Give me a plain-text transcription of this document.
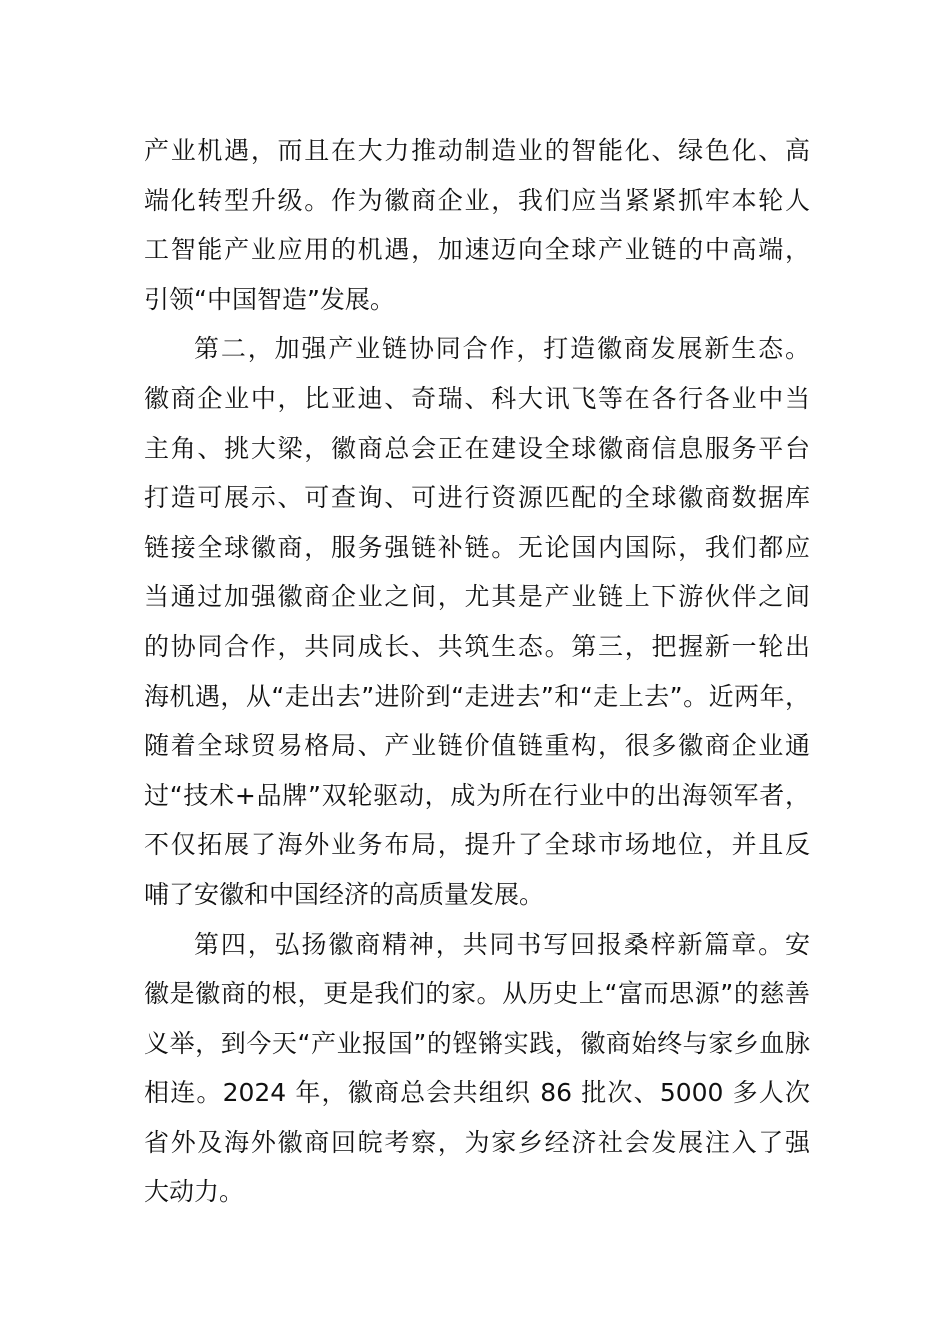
产业机遇，而且在大力推动制造业的智能化、绿色化、高
端化转型升级。作为徽商企业，我们应当紧紧抓牢本轮人
工智能产业应用的机遇，加速迈向全球产业链的中高端，
引领“中国智造”发展。
第二，加强产业链协同合作，打造徽商发展新生态。
徽商企业中，比亚迪、奇瑞、科大讯飞等在各行各业中当
主角、挑大梁，徽商总会正在建设全球徽商信息服务平台
打造可展示、可查询、可进行资源匹配的全球徽商数据库
链接全球徽商，服务强链补链。无论国内国际，我们都应
当通过加强徽商企业之间，尤其是产业链上下游伙伴之间
的协同合作，共同成长、共筑生态。第三，把握新一轮出
海机遇，从“走出去”进阶到“走进去”和“走上去”。近两年，
随着全球贸易格局、产业链价值链重构，很多徽商企业通
过“技术+品牌”双轮驱动，成为所在行业中的出海领军者，
不仅拓展了海外业务布局，提升了全球市场地位，并且反
哺了安徽和中国经济的高质量发展。
第四，弘扬徽商精神，共同书写回报桑梓新篇章。安
徽是徽商的根，更是我们的家。从历史上“富而思源”的慈善
义举，到今天“产业报国”的铿锵实践，徽商始终与家乡血脉
相连。2024 年，徽商总会共组织 86 批次、5000 多人次
省外及海外徽商回皖考察，为家乡经济社会发展注入了强
大动力。
